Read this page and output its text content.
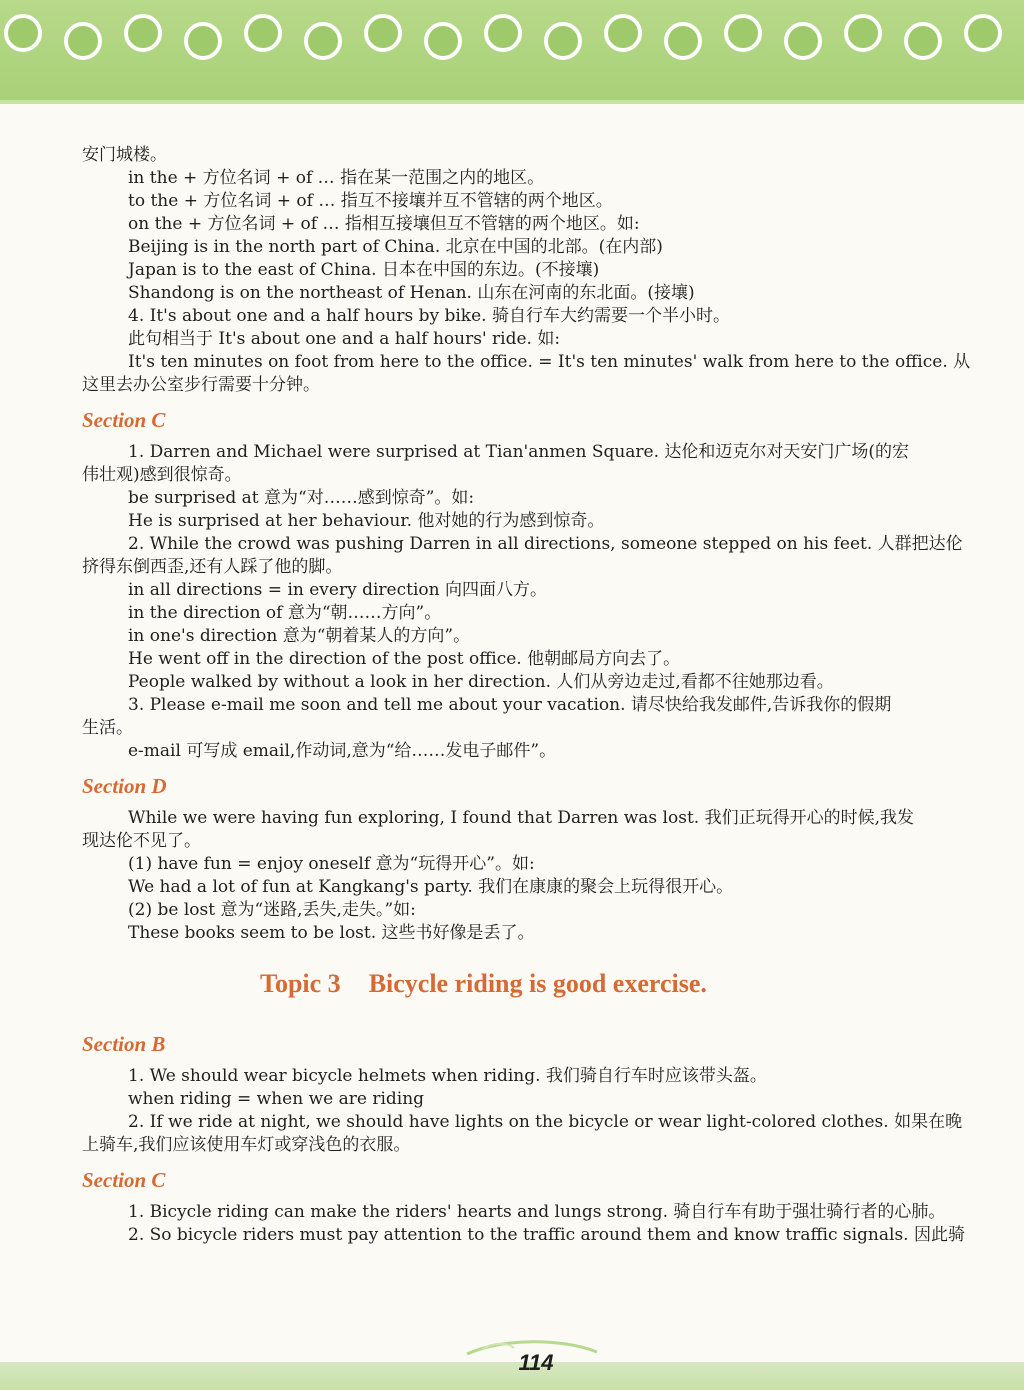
114
安门城楼。
in the + 方位名词 + of … 指在某一范围之内的地区。
to the + 方位名词 + of … 指互不接壤并互不管辖的两个地区。
on the + 方位名词 + of … 指相互接壤但互不管辖的两个地区。如:
Beijing is in the north part of China. 北京在中国的北部。(在内部)
Japan is to the east of China. 日本在中国的东边。(不接壤)
Shandong is on the northeast of Henan. 山东在河南的东北面。(接壤)
4. It's about one and a half hours by bike. 骑自行车大约需要一个半小时。
此句相当于 It's about one and a half hours' ride. 如:
It's ten minutes on foot from here to the office. = It's ten minutes' walk from here to the office. 从
这里去办公室步行需要十分钟。
Section C
1. Darren and Michael were surprised at Tian'anmen Square. 达伦和迈克尔对天安门广场(的宏
伟壮观)感到很惊奇。
be surprised at 意为“对……感到惊奇”。如:
He is surprised at her behaviour. 他对她的行为感到惊奇。
2. While the crowd was pushing Darren in all directions, someone stepped on his feet. 人群把达伦
挤得东倒西歪,还有人踩了他的脚。
in all directions = in every direction 向四面八方。
in the direction of 意为“朝……方向”。
in one's direction 意为“朝着某人的方向”。
He went off in the direction of the post office. 他朝邮局方向去了。
People walked by without a look in her direction. 人们从旁边走过,看都不往她那边看。
3. Please e-mail me soon and tell me about your vacation. 请尽快给我发邮件,告诉我你的假期
生活。
e-mail 可写成 email,作动词,意为“给……发电子邮件”。
Section D
While we were having fun exploring, I found that Darren was lost. 我们正玩得开心的时候,我发
现达伦不见了。
(1) have fun = enjoy oneself 意为“玩得开心”。如:
We had a lot of fun at Kangkang's party. 我们在康康的聚会上玩得很开心。
(2) be lost 意为“迷路,丢失,走失。”如:
These books seem to be lost. 这些书好像是丢了。
Topic 3 Bicycle riding is good exercise.
Section B
1. We should wear bicycle helmets when riding. 我们骑自行车时应该带头盔。
when riding = when we are riding
2. If we ride at night, we should have lights on the bicycle or wear light-colored clothes. 如果在晚
上骑车,我们应该使用车灯或穿浅色的衣服。
Section C
1. Bicycle riding can make the riders' hearts and lungs strong. 骑自行车有助于强壮骑行者的心肺。
2. So bicycle riders must pay attention to the traffic around them and know traffic signals. 因此骑
